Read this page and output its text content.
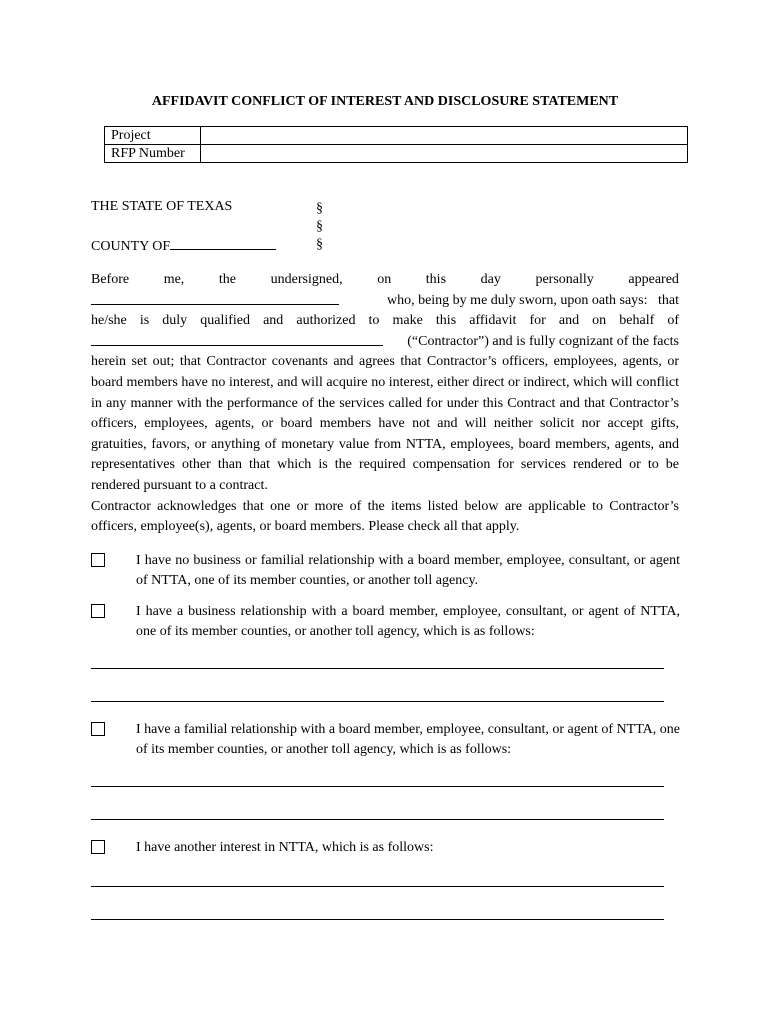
AFFIDAVIT CONFLICT OF INTEREST AND DISCLOSURE STATEMENT
Project	
RFP Number	
THE STATE OF TEXAS
COUNTY OF
§
§
§
Before me, the undersigned, on this day personally appeared
who, being by me duly sworn, upon oath says:   that
he/she is duly qualified and authorized to make this affidavit for and on behalf of
(“Contractor”) and is fully cognizant of the facts
herein set out; that Contractor covenants and agrees that Contractor’s officers, employees, agents, or board members have no interest, and will acquire no interest, either direct or indirect, which will conflict in any manner with the performance of the services called for under this Contract and that Contractor’s officers, employees, agents, or board members have not and will neither solicit nor accept gifts, gratuities, favors, or anything of monetary value from NTTA, employees, board members, agents, and representatives other than that which is the required compensation for services rendered or to be rendered pursuant to a contract.
Contractor acknowledges that one or more of the items listed below are applicable to Contractor’s officers, employee(s), agents, or board members. Please check all that apply.
I have no business or familial relationship with a board member, employee, consultant, or agent of NTTA, one of its member counties, or another toll agency.
I have a business relationship with a board member, employee, consultant, or agent of NTTA, one of its member counties, or another toll agency, which is as follows:
I have a familial relationship with a board member, employee, consultant, or agent of NTTA, one of its member counties, or another toll agency, which is as follows:
I have another interest in NTTA, which is as follows:
